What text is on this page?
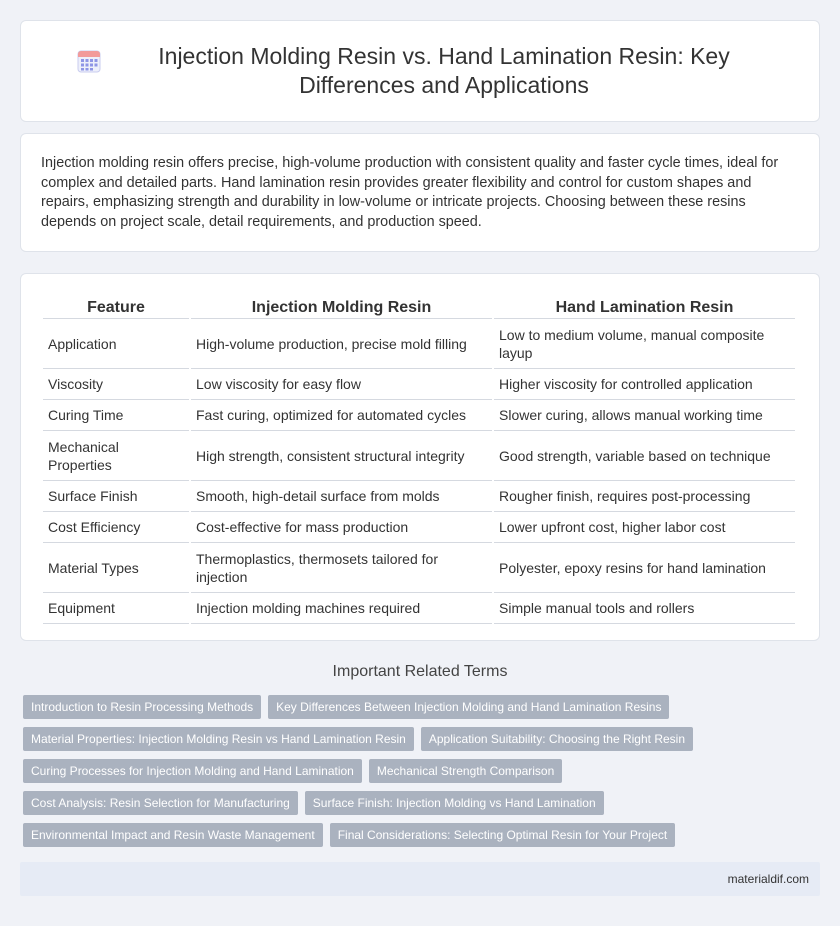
Injection Molding Resin vs. Hand Lamination Resin: Key Differences and Applications

Injection molding resin offers precise, high-volume production with consistent quality and faster cycle times, ideal for complex and detailed parts. Hand lamination resin provides greater flexibility and control for custom shapes and repairs, emphasizing strength and durability in low-volume or intricate projects. Choosing between these resins depends on project scale, detail requirements, and production speed.

Feature	Injection Molding Resin	Hand Lamination Resin
Application	High-volume production, precise mold filling	Low to medium volume, manual composite layup
Viscosity	Low viscosity for easy flow	Higher viscosity for controlled application
Curing Time	Fast curing, optimized for automated cycles	Slower curing, allows manual working time
Mechanical Properties	High strength, consistent structural integrity	Good strength, variable based on technique
Surface Finish	Smooth, high-detail surface from molds	Rougher finish, requires post-processing
Cost Efficiency	Cost-effective for mass production	Lower upfront cost, higher labor cost
Material Types	Thermoplastics, thermosets tailored for injection	Polyester, epoxy resins for hand lamination
Equipment	Injection molding machines required	Simple manual tools and rollers
Important Related Terms
Introduction to Resin Processing Methods	Key Differences Between Injection Molding and Hand Lamination Resins
Material Properties: Injection Molding Resin vs Hand Lamination Resin	Application Suitability: Choosing the Right Resin
Curing Processes for Injection Molding and Hand Lamination	Mechanical Strength Comparison
Cost Analysis: Resin Selection for Manufacturing	Surface Finish: Injection Molding vs Hand Lamination
Environmental Impact and Resin Waste Management	Final Considerations: Selecting Optimal Resin for Your Project
materialdif.com
